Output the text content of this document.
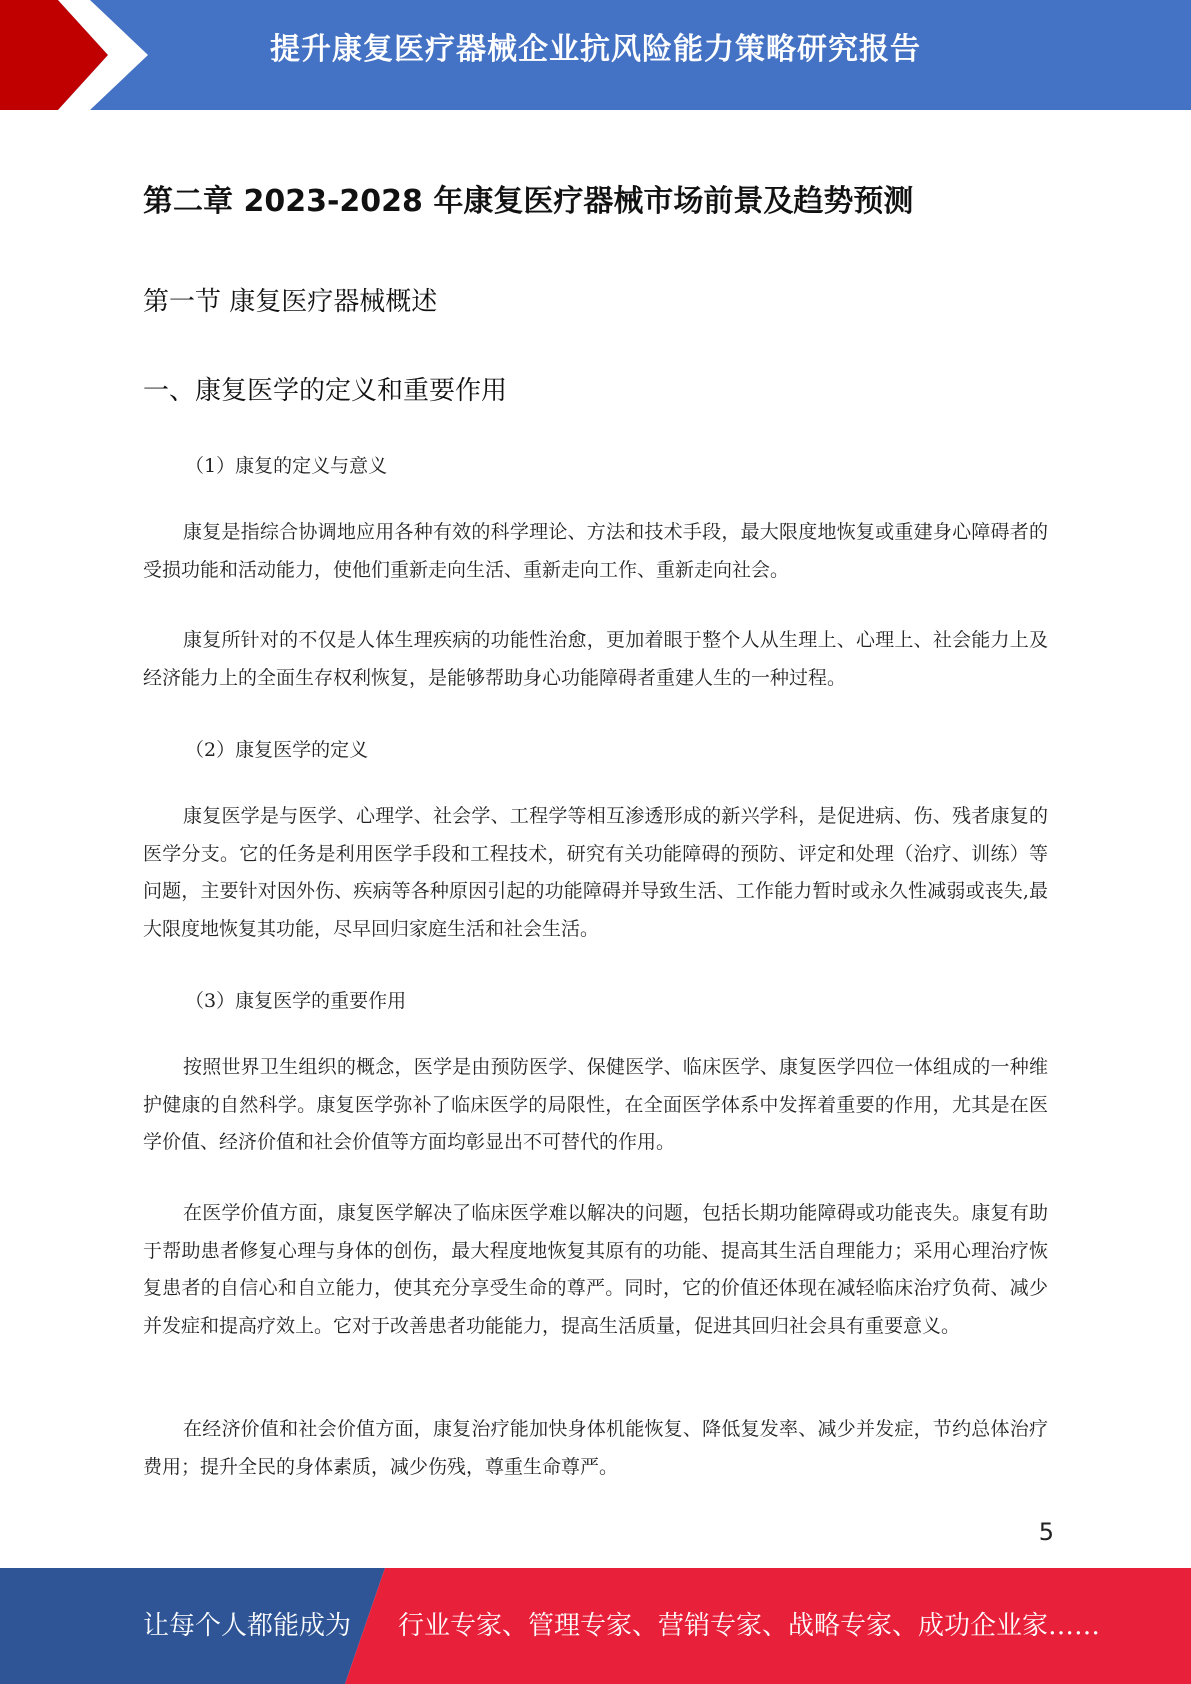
提升康复医疗器械企业抗风险能力策略研究报告
第二章 2023-2028 年康复医疗器械市场前景及趋势预测
第一节 康复医疗器械概述
一、康复医学的定义和重要作用
（1）康复的定义与意义

康复是指综合协调地应用各种有效的科学理论、方法和技术手段，最大限度地恢复或重建身心障碍者的受损功能和活动能力，使他们重新走向生活、重新走向工作、重新走向社会。

康复所针对的不仅是人体生理疾病的功能性治愈，更加着眼于整个人从生理上、心理上、社会能力上及经济能力上的全面生存权利恢复，是能够帮助身心功能障碍者重建人生的一种过程。

（2）康复医学的定义

康复医学是与医学、心理学、社会学、工程学等相互渗透形成的新兴学科，是促进病、伤、残者康复的医学分支。它的任务是利用医学手段和工程技术，研究有关功能障碍的预防、评定和处理（治疗、训练）等问题，主要针对因外伤、疾病等各种原因引起的功能障碍并导致生活、工作能力暂时或永久性减弱或丧失,最大限度地恢复其功能，尽早回归家庭生活和社会生活。

（3）康复医学的重要作用

按照世界卫生组织的概念，医学是由预防医学、保健医学、临床医学、康复医学四位一体组成的一种维护健康的自然科学。康复医学弥补了临床医学的局限性，在全面医学体系中发挥着重要的作用，尤其是在医学价值、经济价值和社会价值等方面均彰显出不可替代的作用。

在医学价值方面，康复医学解决了临床医学难以解决的问题，包括长期功能障碍或功能丧失。康复有助于帮助患者修复心理与身体的创伤，最大程度地恢复其原有的功能、提高其生活自理能力；采用心理治疗恢复患者的自信心和自立能力，使其充分享受生命的尊严。同时，它的价值还体现在减轻临床治疗负荷、减少并发症和提高疗效上。它对于改善患者功能能力，提高生活质量，促进其回归社会具有重要意义。

在经济价值和社会价值方面，康复治疗能加快身体机能恢复、降低复发率、减少并发症，节约总体治疗费用；提升全民的身体素质，减少伤残，尊重生命尊严。

5
让每个人都能成为 行业专家、管理专家、营销专家、战略专家、成功企业家……
